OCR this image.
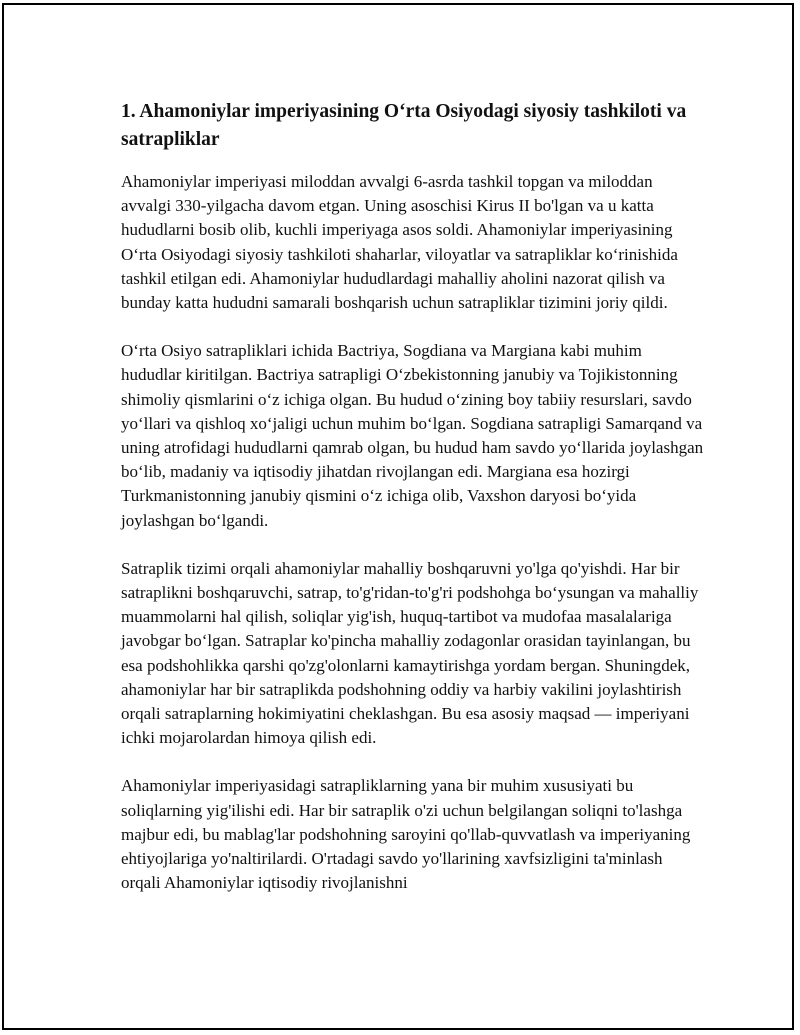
1. Ahamoniylar imperiyasining O‘rta Osiyodagi siyosiy tashkiloti va satrapliklar

Ahamoniylar imperiyasi miloddan avvalgi 6-asrda tashkil topgan va miloddan avvalgi 330-yilgacha davom etgan. Uning asoschisi Kirus II bo'lgan va u katta hududlarni bosib olib, kuchli imperiyaga asos soldi. Ahamoniylar imperiyasining O‘rta Osiyodagi siyosiy tashkiloti shaharlar, viloyatlar va satrapliklar ko‘rinishida tashkil etilgan edi. Ahamoniylar hududlardagi mahalliy aholini nazorat qilish va bunday katta hududni samarali boshqarish uchun satrapliklar tizimini joriy qildi.

O‘rta Osiyo satrapliklari ichida Bactriya, Sogdiana va Margiana kabi muhim hududlar kiritilgan. Bactriya satrapligi O‘zbekistonning janubiy va Tojikistonning shimoliy qismlarini o‘z ichiga olgan. Bu hudud o‘zining boy tabiiy resurslari, savdo yo‘llari va qishloq xo‘jaligi uchun muhim bo‘lgan. Sogdiana satrapligi Samarqand va uning atrofidagi hududlarni qamrab olgan, bu hudud ham savdo yo‘llarida joylashgan bo‘lib, madaniy va iqtisodiy jihatdan rivojlangan edi. Margiana esa hozirgi Turkmanistonning janubiy qismini o‘z ichiga olib, Vaxshon daryosi bo‘yida joylashgan bo‘lgandi.

Satraplik tizimi orqali ahamoniylar mahalliy boshqaruvni yo'lga qo'yishdi. Har bir satraplikni boshqaruvchi, satrap, to'g'ridan-to'g'ri podshohga bo‘ysungan va mahalliy muammolarni hal qilish, soliqlar yig'ish, huquq-tartibot va mudofaa masalalariga javobgar bo‘lgan. Satraplar ko'pincha mahalliy zodagonlar orasidan tayinlangan, bu esa podshohlikka qarshi qo'zg'olonlarni kamaytirishga yordam bergan. Shuningdek, ahamoniylar har bir satraplikda podshohning oddiy va harbiy vakilini joylashtirish orqali satraplarning hokimiyatini cheklashgan. Bu esa asosiy maqsad — imperiyani ichki mojarolardan himoya qilish edi.

Ahamoniylar imperiyasidagi satrapliklarning yana bir muhim xususiyati bu soliqlarning yig'ilishi edi. Har bir satraplik o'zi uchun belgilangan soliqni to'lashga majbur edi, bu mablag'lar podshohning saroyini qo'llab-quvvatlash va imperiyaning ehtiyojlariga yo'naltirilardi. O'rtadagi savdo yo'llarining xavfsizligini ta'minlash orqali Ahamoniylar iqtisodiy rivojlanishni
